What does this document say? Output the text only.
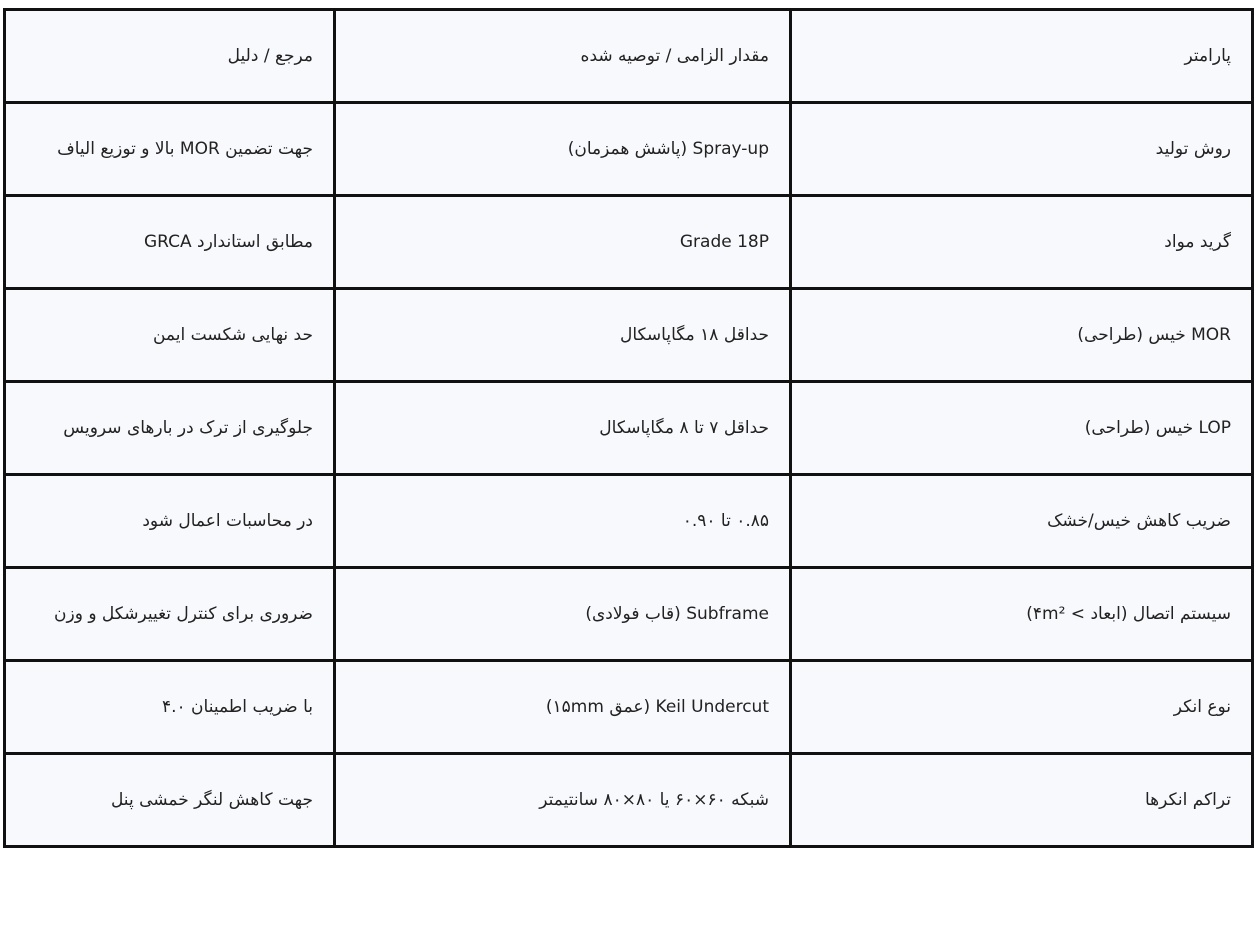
پارامتر	مقدار الزامی / توصیه شده	مرجع / دلیل
روش تولید	Spray-up (پاشش همزمان)	جهت تضمین MOR بالا و توزیع الیاف
گرید مواد	Grade 18P	مطابق استاندارد GRCA
MOR خیس (طراحی)	حداقل ۱۸ مگاپاسکال	حد نهایی شکست ایمن
LOP خیس (طراحی)	حداقل ۷ تا ۸ مگاپاسکال	جلوگیری از ترک در بارهای سرویس
ضریب کاهش خیس/خشک	۰.۸۵ تا ۰.۹۰	در محاسبات اعمال شود
سیستم اتصال (ابعاد > ۴m²)	Subframe (قاب فولادی)	ضروری برای کنترل تغییرشکل و وزن
نوع انکر	Keil Undercut (عمق ۱۵mm)	با ضریب اطمینان ۴.۰
تراکم انکرها	شبکه ۶۰×۶۰ یا ۸۰×۸۰ سانتیمتر	جهت کاهش لنگر خمشی پنل
